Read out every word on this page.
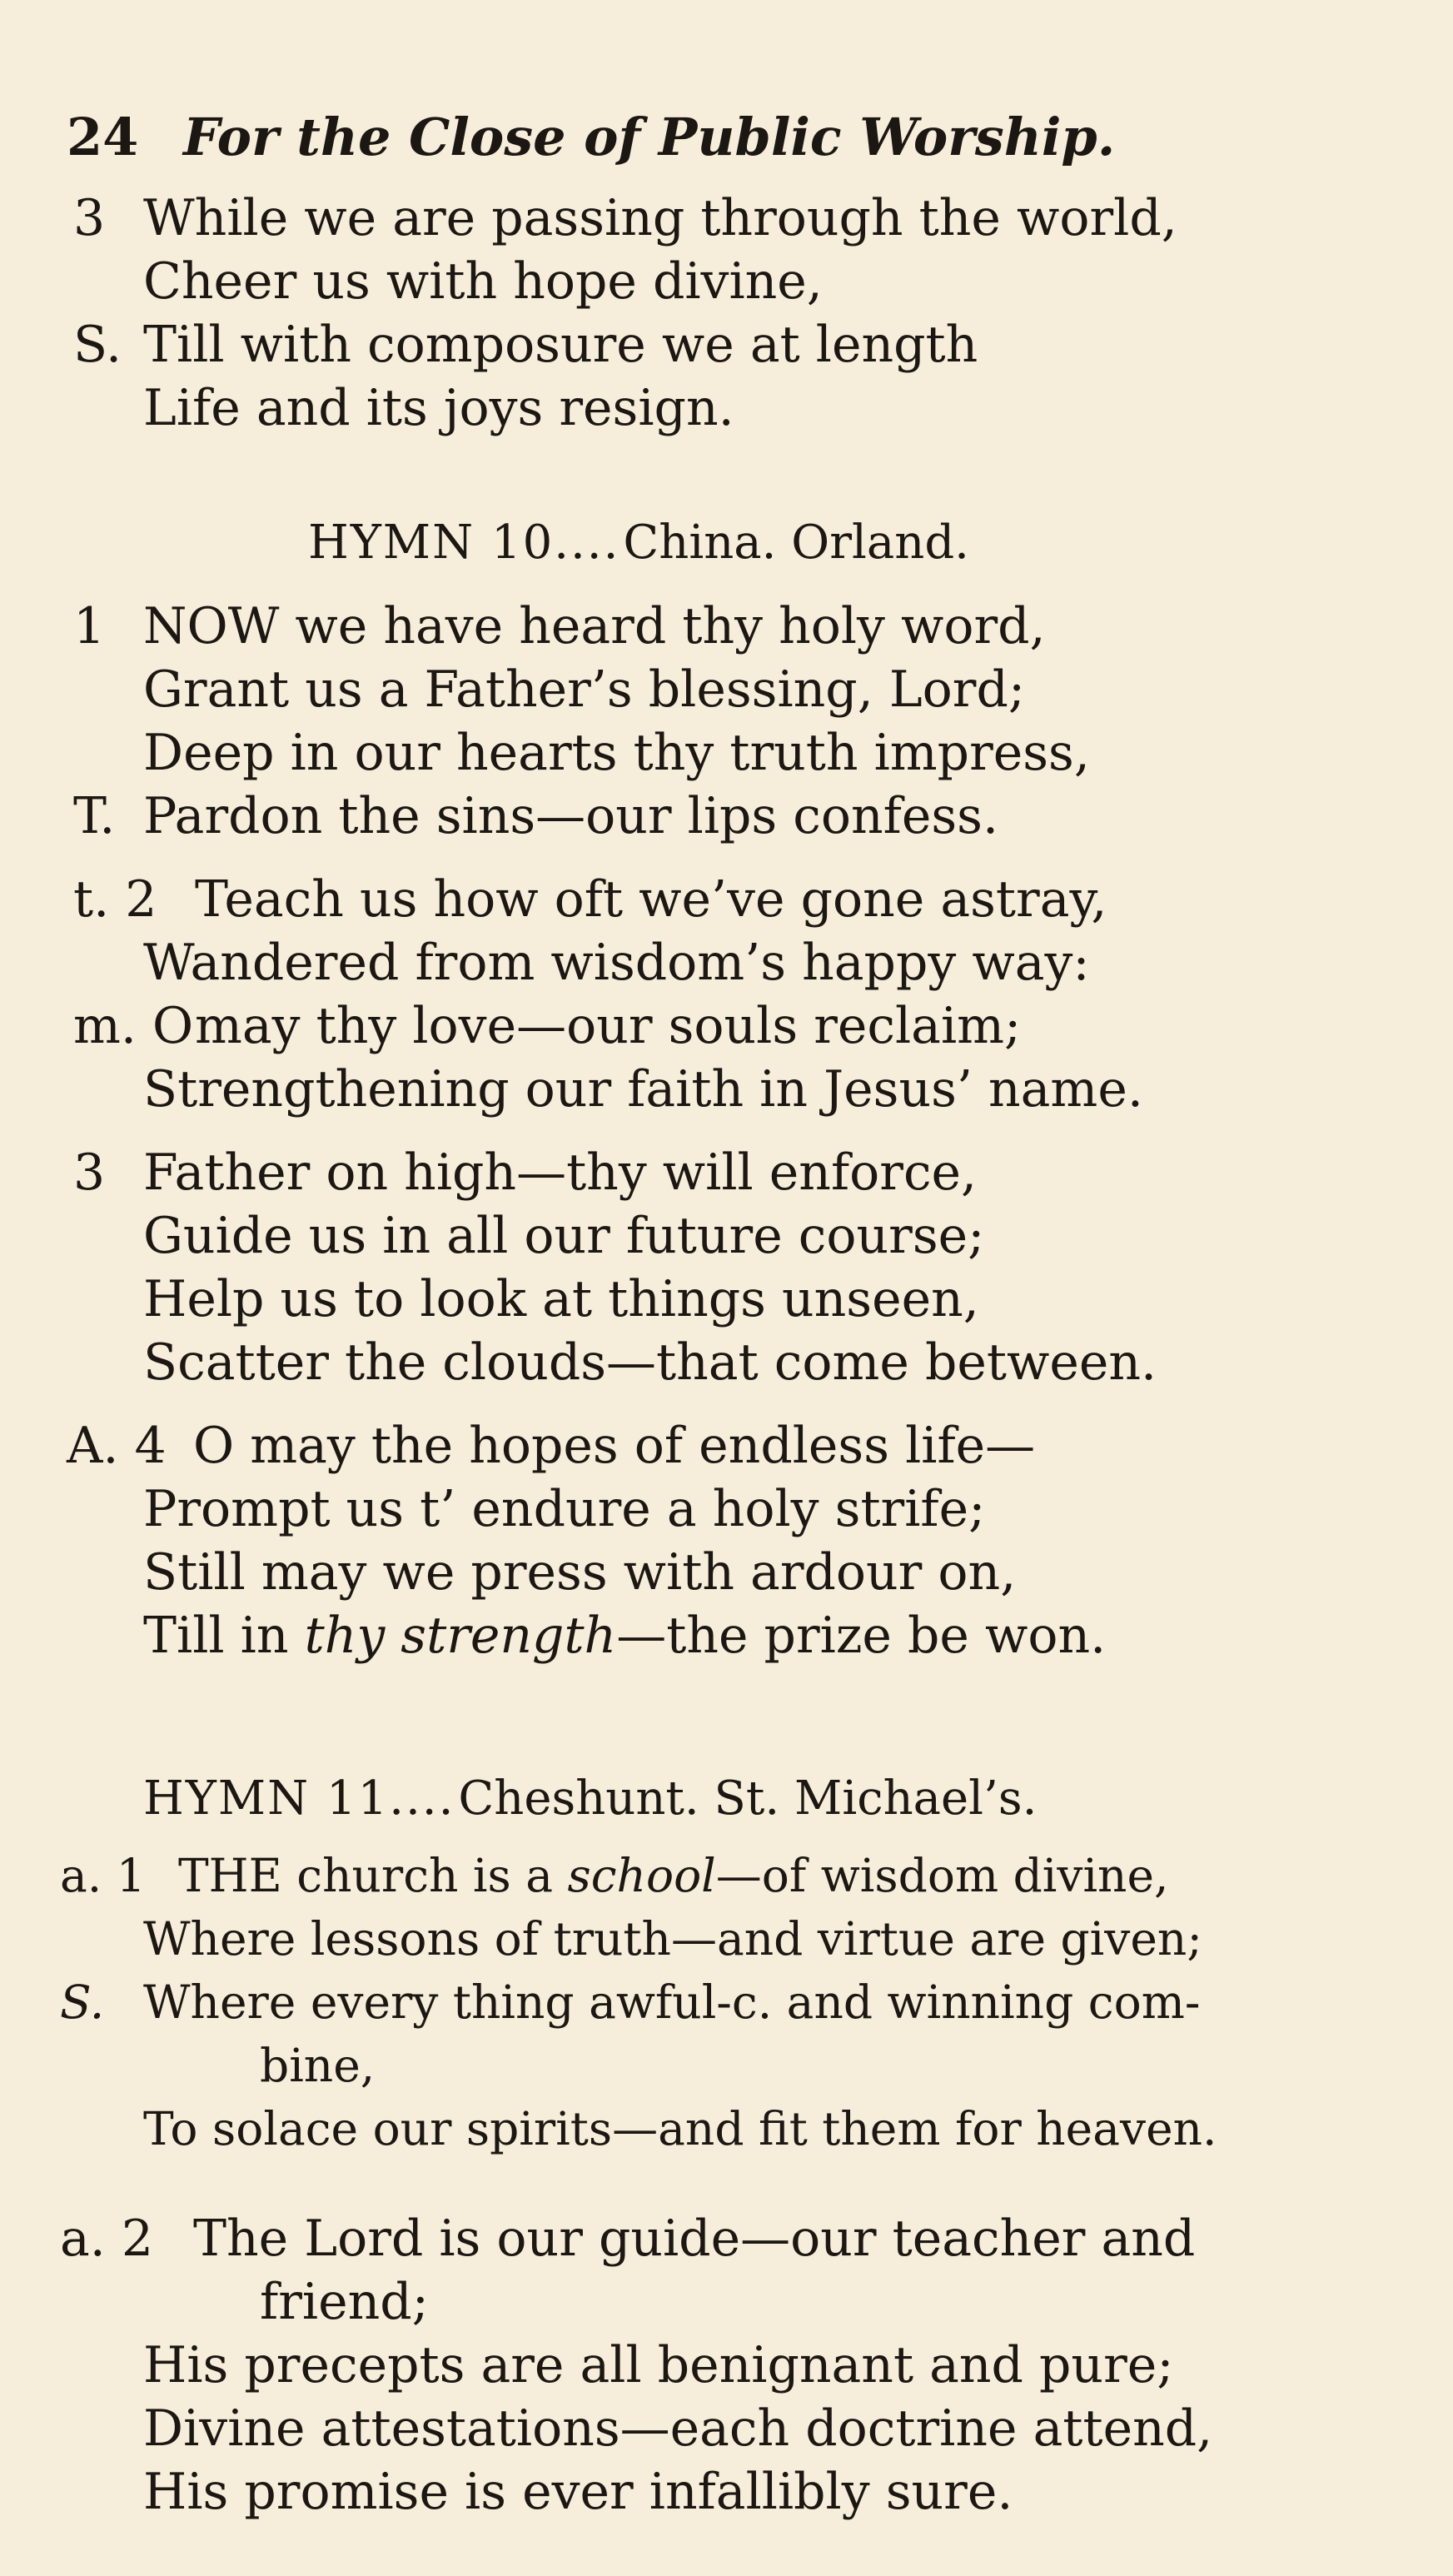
24 For the Close of Public Worship.
3 While we are passing through the world,
Cheer us with hope divine,
S. Till with composure we at length
Life and its joys resign.
HYMN 10....China. Orland.
1 NOW we have heard thy holy word,
Grant us a Father’s blessing, Lord;
Deep in our hearts thy truth impress,
T. Pardon the sins—our lips confess.
t. 2 Teach us how oft we’ve gone astray,
Wandered from wisdom’s happy way:
m. O may thy love—our souls reclaim;
Strengthening our faith in Jesus’ name.
3 Father on high—thy will enforce,
Guide us in all our future course;
Help us to look at things unseen,
Scatter the clouds—that come between.
A. 4 O may the hopes of endless life—
Prompt us t’ endure a holy strife;
Still may we press with ardour on,
Till in thy strength—the prize be won.
HYMN 11....Cheshunt. St. Michael’s.
a. 1 THE church is a school—of wisdom divine,
Where lessons of truth—and virtue are given;
S. Where every thing awful-c. and winning com-
bine,
To solace our spirits—and fit them for heaven.
a. 2 The Lord is our guide—our teacher and
friend;
His precepts are all benignant and pure;
Divine attestations—each doctrine attend,
His promise is ever infallibly sure.
